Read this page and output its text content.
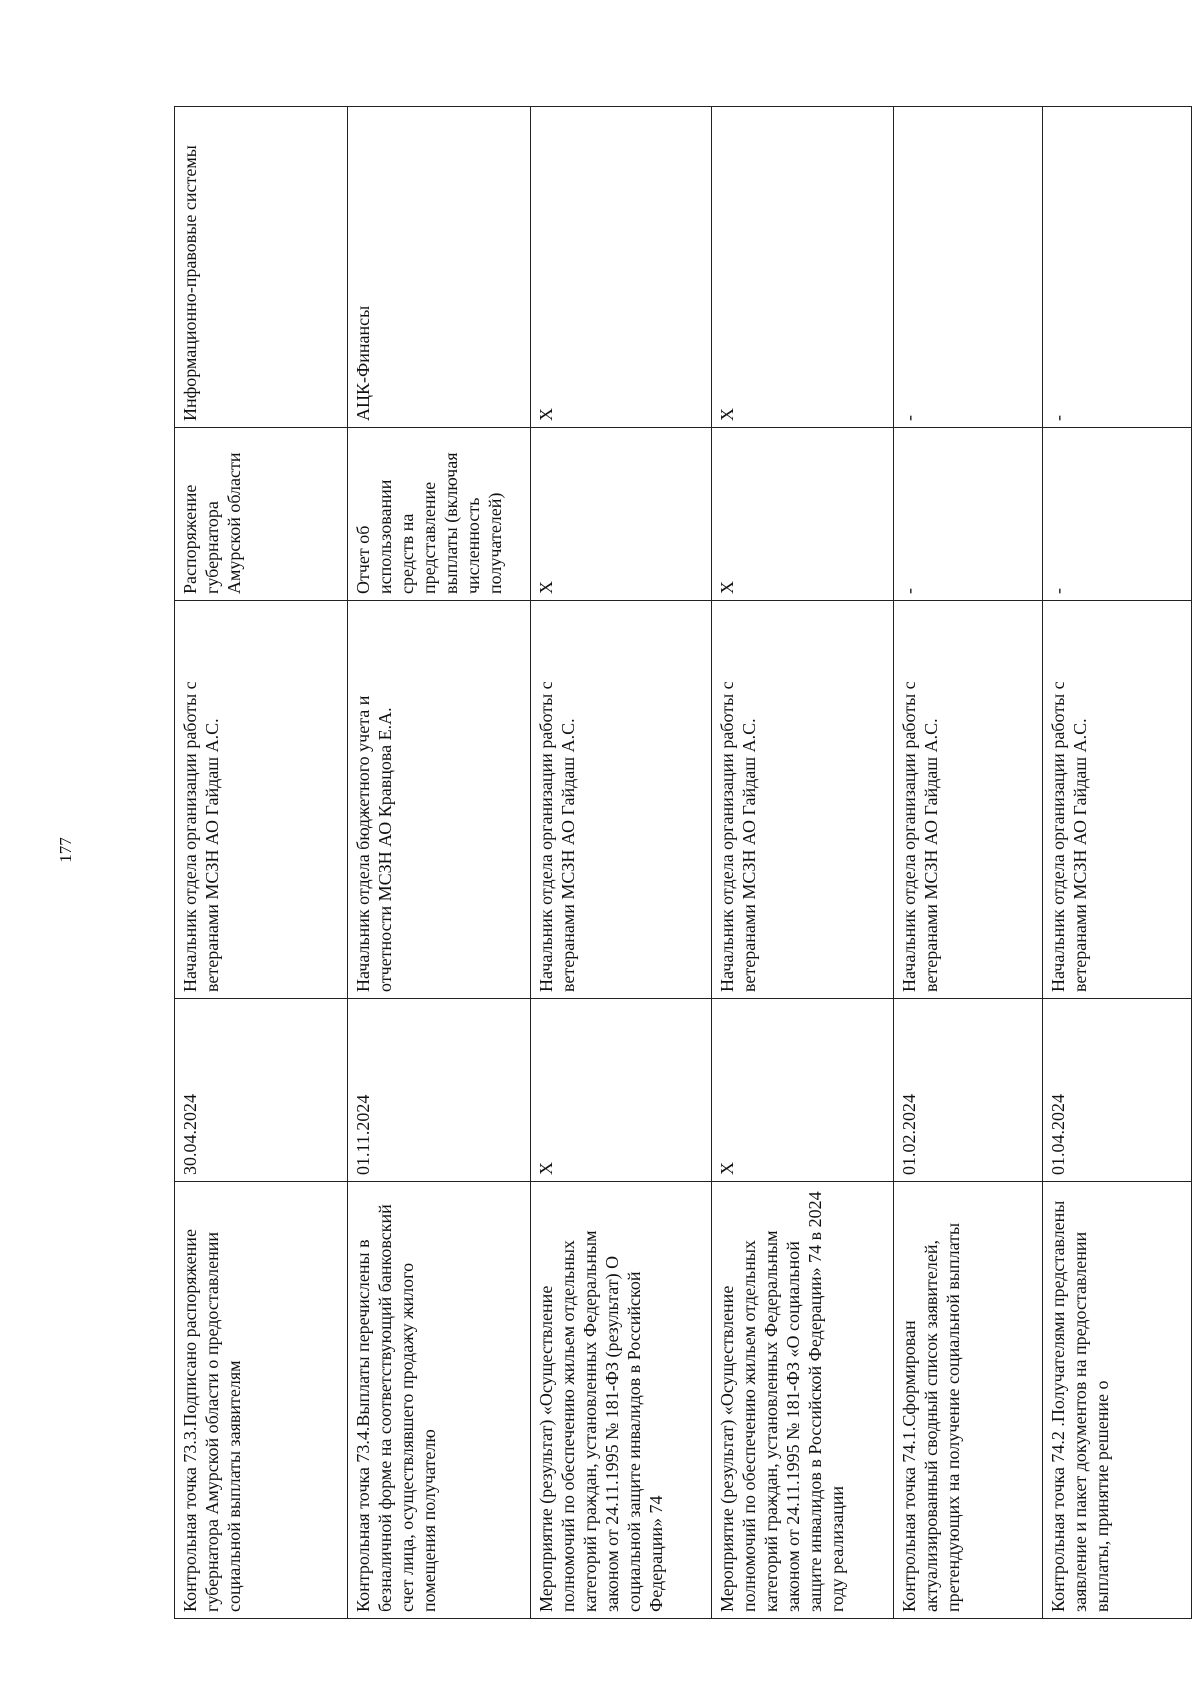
177
Контрольная точка 73.3.Подписано распоряжение губернатора Амурской области о предоставлении социальной выплаты заявителям	30.04.2024	Начальник отдела организации работы с ветеранами МСЗН АО Гайдаш А.С.	Распоряжение губернатора Амурской области	Информационно-правовые системы
Контрольная точка 73.4.Выплаты перечислены в безналичной форме на соответствующий банковский счет лица, осуществлявшего продажу жилого помещения получателю	01.11.2024	Начальник отдела бюджетного учета и отчетности МСЗН АО Кравцова Е.А.	Отчет об использовании средств на представление выплаты (включая численность получателей)	АЦК-Финансы
Мероприятие (результат) «Осуществление полномочий по обеспечению жильем отдельных категорий граждан, установленных Федеральным законом от 24.11.1995 № 181-ФЗ (результат) О социальной защите инвалидов в Российской Федерации» 74	Х	Начальник отдела организации работы с ветеранами МСЗН АО Гайдаш А.С.	Х	Х
Мероприятие (результат) «Осуществление полномочий по обеспечению жильем отдельных категорий граждан, установленных Федеральным законом от 24.11.1995 № 181-ФЗ «О социальной защите инвалидов в Российской Федерации» 74 в 2024 году реализации	Х	Начальник отдела организации работы с ветеранами МСЗН АО Гайдаш А.С.	Х	Х
Контрольная точка 74.1.Сформирован актуализированный сводный список заявителей, претендующих на получение социальной выплаты	01.02.2024	Начальник отдела организации работы с ветеранами МСЗН АО Гайдаш А.С.	-	-
Контрольная точка 74.2 .Получателями представлены заявление и пакет документов на предоставлении выплаты, принятие решение о	01.04.2024	Начальник отдела организации работы с ветеранами МСЗН АО Гайдаш А.С.	-	-
